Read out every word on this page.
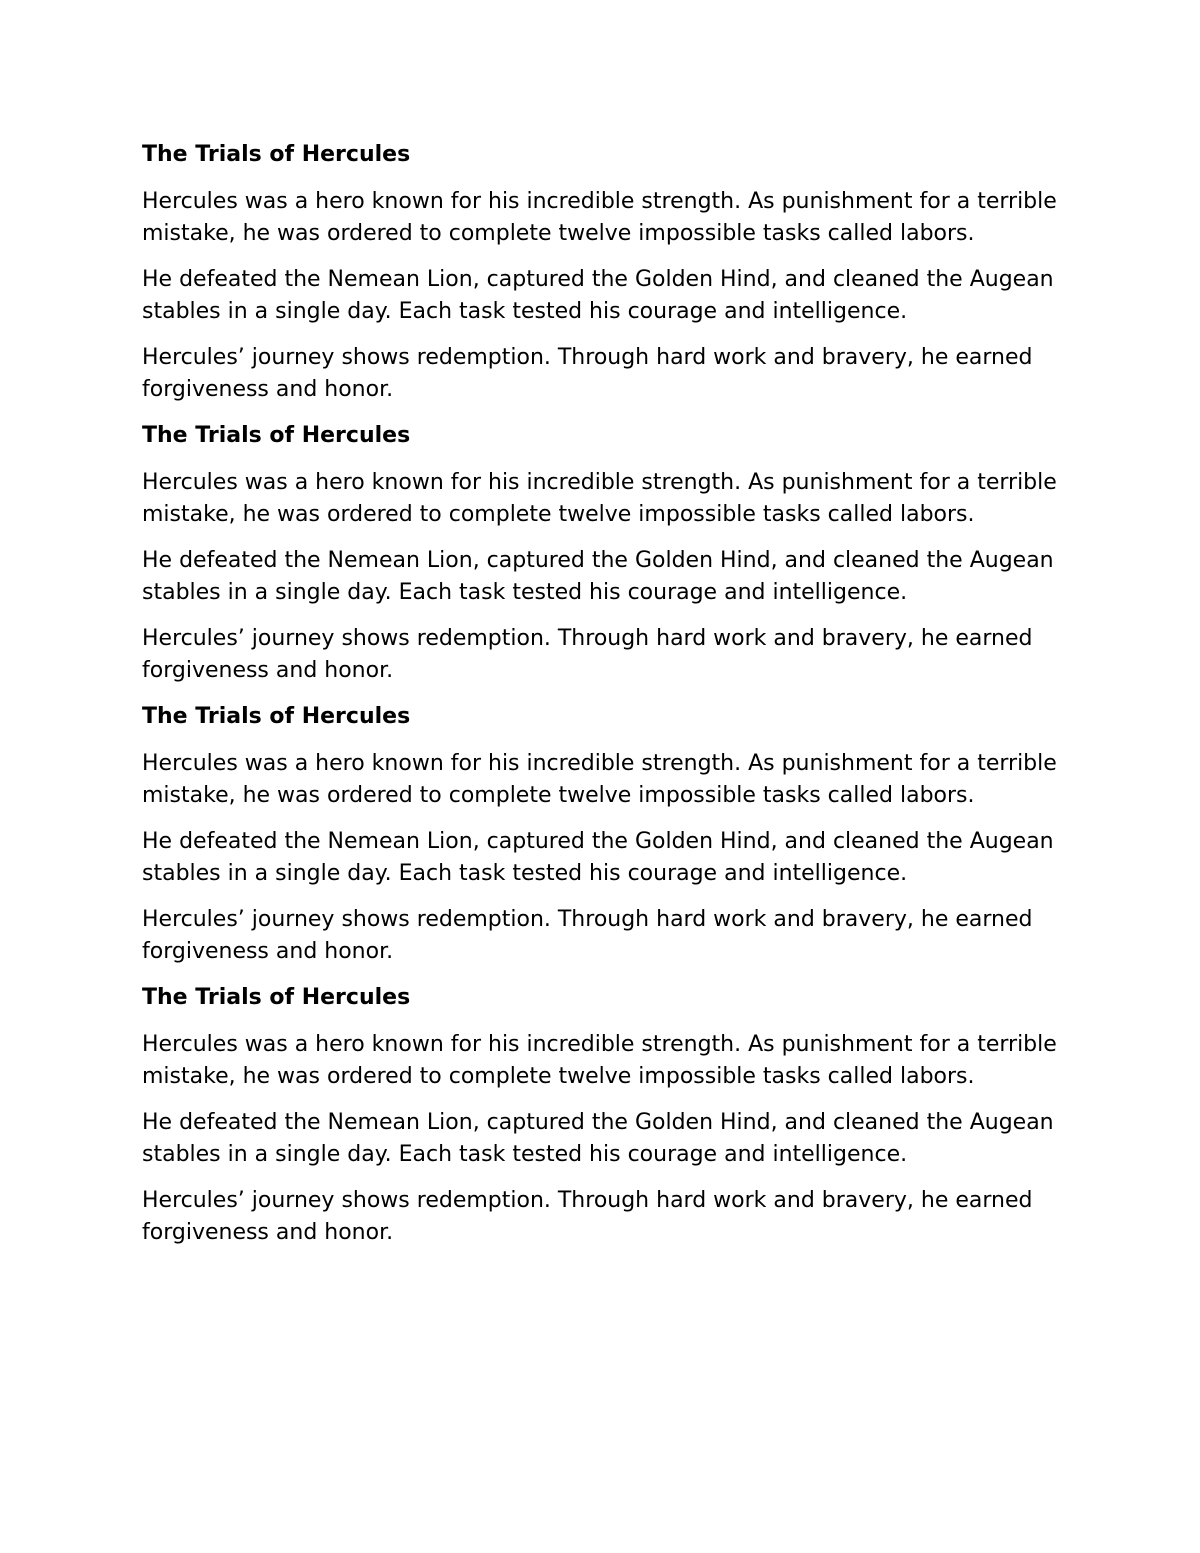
The Trials of Hercules

Hercules was a hero known for his incredible strength. As punishment for a terrible mistake, he was ordered to complete twelve impossible tasks called labors.

He defeated the Nemean Lion, captured the Golden Hind, and cleaned the Augean stables in a single day. Each task tested his courage and intelligence.

Hercules’ journey shows redemption. Through hard work and bravery, he earned forgiveness and honor.

The Trials of Hercules

Hercules was a hero known for his incredible strength. As punishment for a terrible mistake, he was ordered to complete twelve impossible tasks called labors.

He defeated the Nemean Lion, captured the Golden Hind, and cleaned the Augean stables in a single day. Each task tested his courage and intelligence.

Hercules’ journey shows redemption. Through hard work and bravery, he earned forgiveness and honor.

The Trials of Hercules

Hercules was a hero known for his incredible strength. As punishment for a terrible mistake, he was ordered to complete twelve impossible tasks called labors.

He defeated the Nemean Lion, captured the Golden Hind, and cleaned the Augean stables in a single day. Each task tested his courage and intelligence.

Hercules’ journey shows redemption. Through hard work and bravery, he earned forgiveness and honor.

The Trials of Hercules

Hercules was a hero known for his incredible strength. As punishment for a terrible mistake, he was ordered to complete twelve impossible tasks called labors.

He defeated the Nemean Lion, captured the Golden Hind, and cleaned the Augean stables in a single day. Each task tested his courage and intelligence.

Hercules’ journey shows redemption. Through hard work and bravery, he earned forgiveness and honor.
